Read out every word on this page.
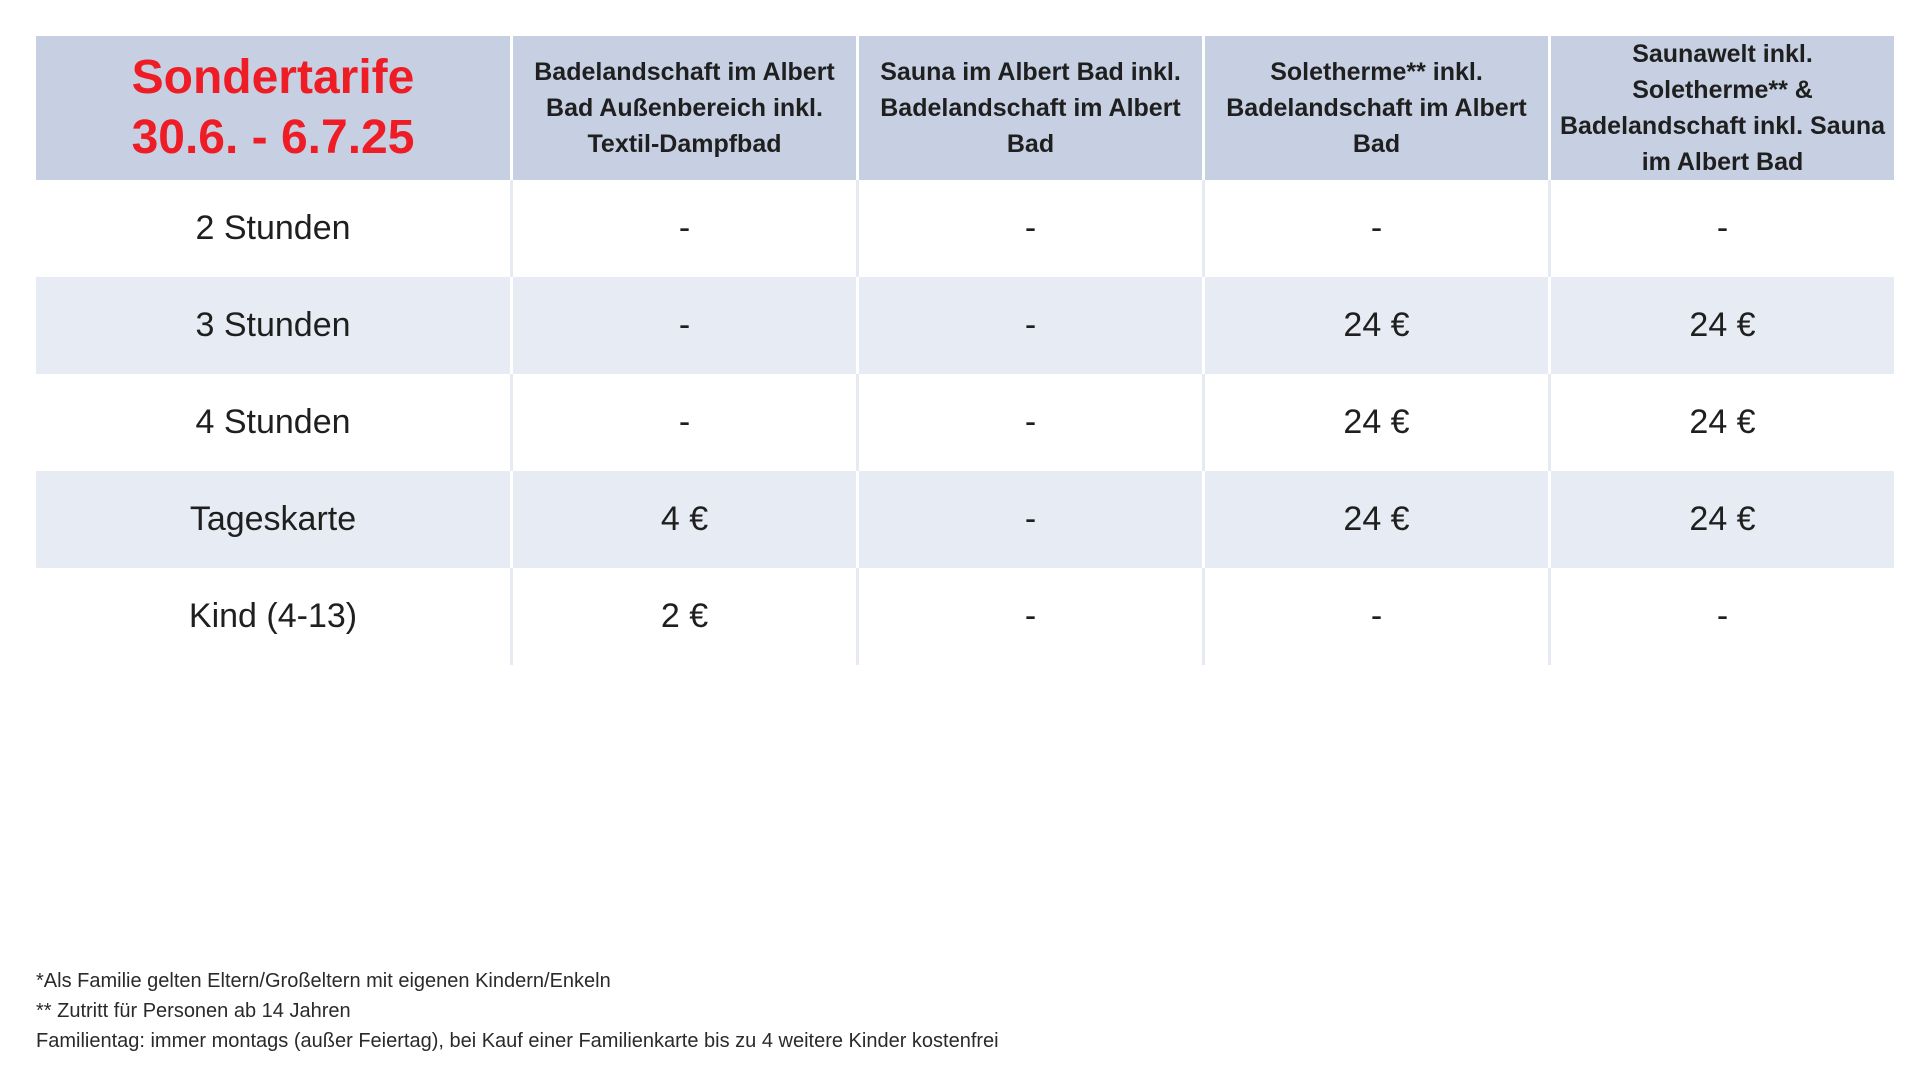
Sondertarife
30.6. - 6.7.25	Badelandschaft im Albert Bad Außenbereich inkl. Textil-Dampfbad	Sauna im Albert Bad inkl. Badelandschaft im Albert Bad	Soletherme** inkl. Badelandschaft im Albert Bad	Saunawelt inkl. Soletherme** & Badelandschaft inkl. Sauna im Albert Bad

2 Stunden	-	-	-	-
3 Stunden	-	-	24 €	24 €
4 Stunden	-	-	24 €	24 €
Tageskarte	4 €	-	24 €	24 €
Kind (4-13)	2 €	-	-	-
*Als Familie gelten Eltern/Großeltern mit eigenen Kindern/Enkeln
** Zutritt für Personen ab 14 Jahren
Familientag: immer montags (außer Feiertag), bei Kauf einer Familienkarte bis zu 4 weitere Kinder kostenfrei
